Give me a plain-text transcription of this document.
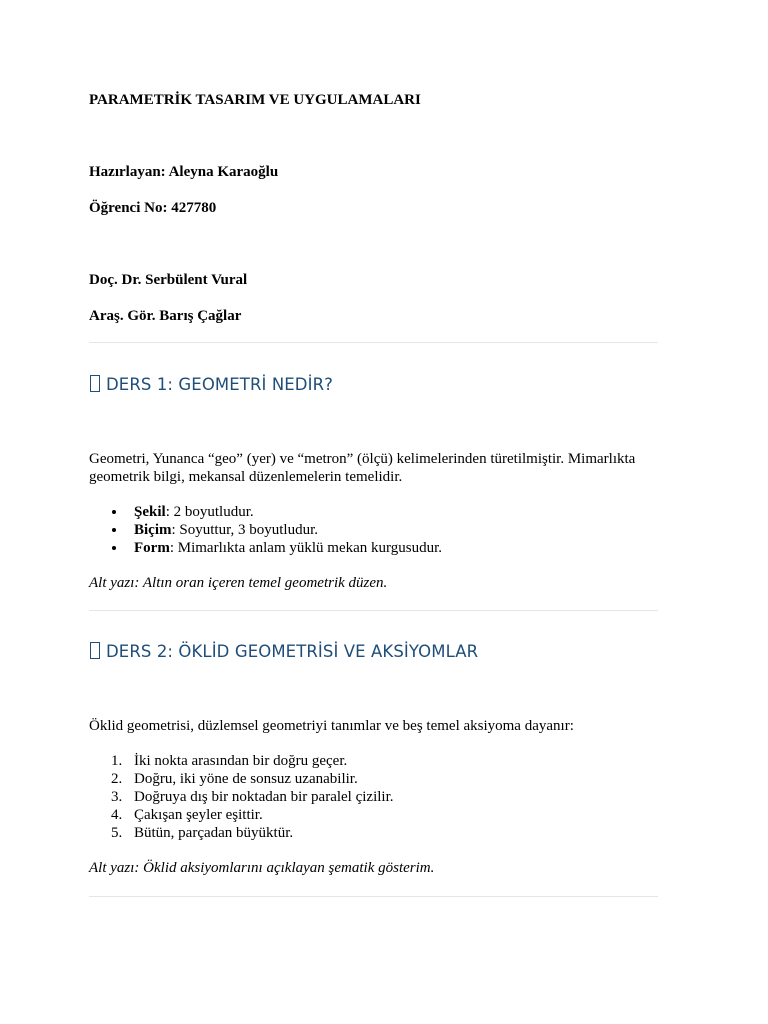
PARAMETRİK TASARIM VE UYGULAMALARI
Hazırlayan: Aleyna Karaoğlu
Öğrenci No: 427780
Doç. Dr. Serbülent Vural
Araş. Gör. Barış Çağlar
DERS 1: GEOMETRİ NEDİR?
Geometri, Yunanca “geo” (yer) ve “metron” (ölçü) kelimelerinden türetilmiştir. Mimarlıkta
geometrik bilgi, mekansal düzenlemelerin temelidir.
Şekil: 2 boyutludur.
Biçim: Soyuttur, 3 boyutludur.
Form: Mimarlıkta anlam yüklü mekan kurgusudur.
Alt yazı: Altın oran içeren temel geometrik düzen.
DERS 2: ÖKLİD GEOMETRİSİ VE AKSİYOMLAR
Öklid geometrisi, düzlemsel geometriyi tanımlar ve beş temel aksiyoma dayanır:
1. İki nokta arasından bir doğru geçer.
2. Doğru, iki yöne de sonsuz uzanabilir.
3. Doğruya dış bir noktadan bir paralel çizilir.
4. Çakışan şeyler eşittir.
5. Bütün, parçadan büyüktür.
Alt yazı: Öklid aksiyomlarını açıklayan şematik gösterim.
